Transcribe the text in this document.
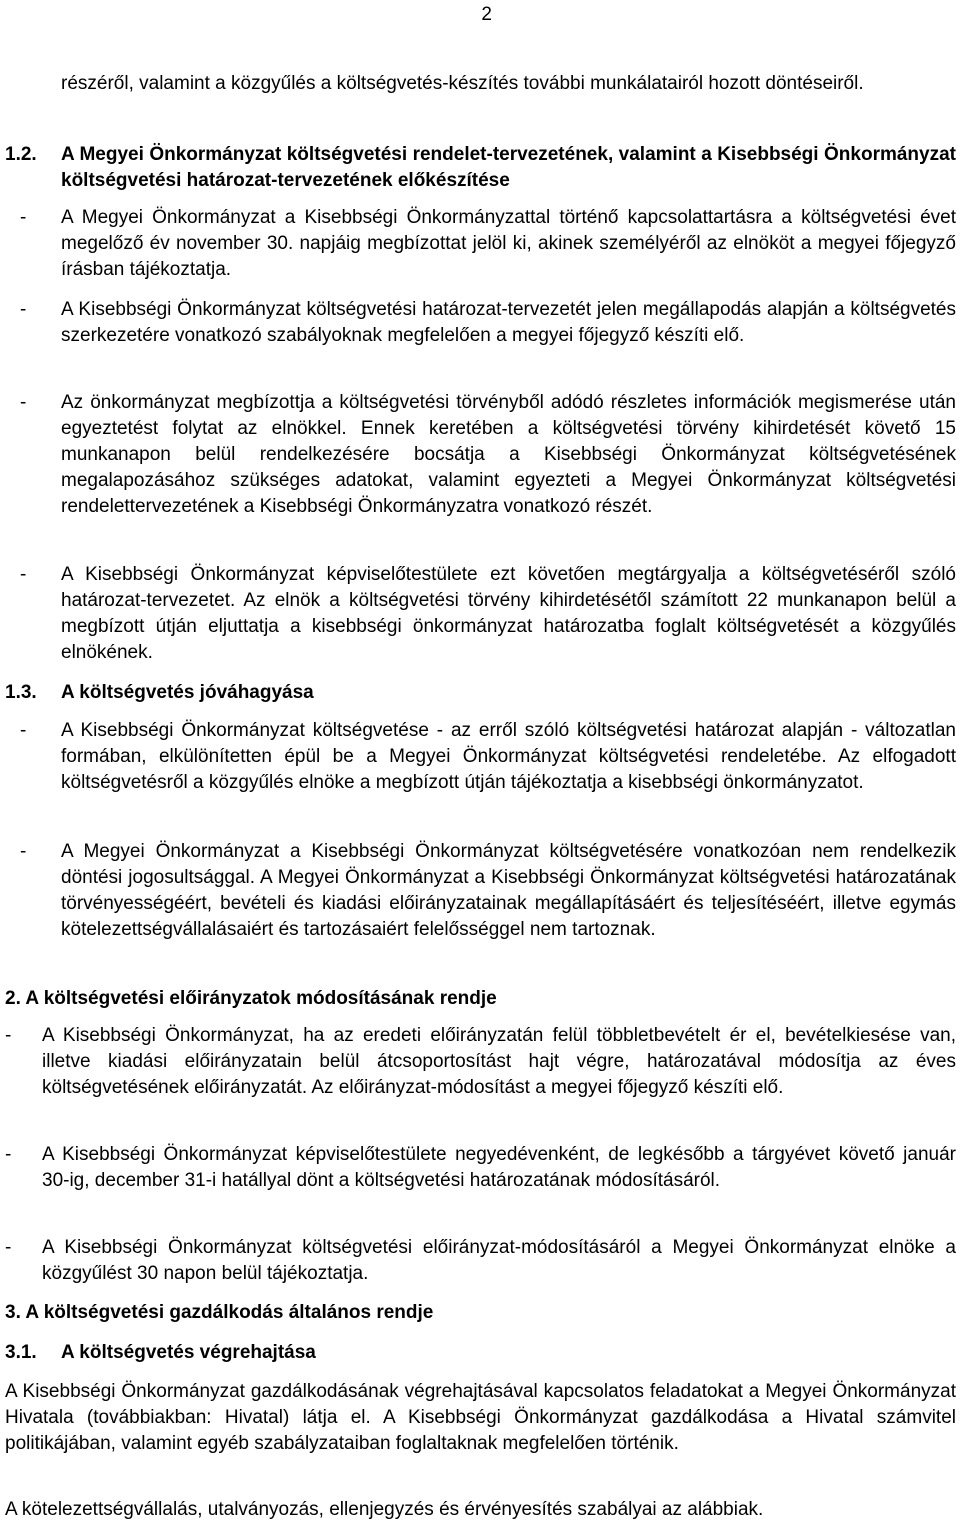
2

részéről, valamint a közgyűlés a költségvetés-készítés további munkálatairól hozott döntéseiről.

1.2. A Megyei Önkormányzat költségvetési rendelet-tervezetének, valamint a Kisebbségi Önkormányzat költségvetési határozat-tervezetének előkészítése

- A Megyei Önkormányzat a Kisebbségi Önkormányzattal történő kapcsolattartásra a költségvetési évet megelőző év november 30. napjáig megbízottat jelöl ki, akinek személyéről az elnököt a megyei főjegyző írásban tájékoztatja.

- A Kisebbségi Önkormányzat költségvetési határozat-tervezetét jelen megállapodás alapján a költségvetés szerkezetére vonatkozó szabályoknak megfelelően a megyei főjegyző készíti elő.

- Az önkormányzat megbízottja a költségvetési törvényből adódó részletes információk megismerése után egyeztetést folytat az elnökkel. Ennek keretében a költségvetési törvény kihirdetését követő 15 munkanapon belül rendelkezésére bocsátja a Kisebbségi Önkormányzat költségvetésének megalapozásához szükséges adatokat, valamint egyezteti a Megyei Önkormányzat költségvetési rendelettervezetének a Kisebbségi Önkormányzatra vonatkozó részét.

- A Kisebbségi Önkormányzat képviselőtestülete ezt követően megtárgyalja a költségvetéséről szóló határozat-tervezetet. Az elnök a költségvetési törvény kihirdetésétől számított 22 munkanapon belül a megbízott útján eljuttatja a kisebbségi önkormányzat határozatba foglalt költségvetését a közgyűlés elnökének.

1.3. A költségvetés jóváhagyása
- A Kisebbségi Önkormányzat költségvetése - az erről szóló költségvetési határozat alapján - változatlan formában, elkülönítetten épül be a Megyei Önkormányzat költségvetési rendeletébe. Az elfogadott költségvetésről a közgyűlés elnöke a megbízott útján tájékoztatja a kisebbségi önkormányzatot.

- A Megyei Önkormányzat a Kisebbségi Önkormányzat költségvetésére vonatkozóan nem rendelkezik döntési jogosultsággal. A Megyei Önkormányzat a Kisebbségi Önkormányzat költségvetési határozatának törvényességéért, bevételi és kiadási előirányzatainak megállapításáért és teljesítéséért, illetve egymás kötelezettségvállalásaiért és tartozásaiért felelősséggel nem tartoznak.

2. A költségvetési előirányzatok módosításának rendje
- A Kisebbségi Önkormányzat, ha az eredeti előirányzatán felül többletbevételt ér el, bevételkiesése van, illetve kiadási előirányzatain belül átcsoportosítást hajt végre, határozatával módosítja az éves költségvetésének előirányzatát. Az előirányzat-módosítást a megyei főjegyző készíti elő.

- A Kisebbségi Önkormányzat képviselőtestülete negyedévenként, de legkésőbb a tárgyévet követő január 30-ig, december 31-i hatállyal dönt a költségvetési határozatának módosításáról.

- A Kisebbségi Önkormányzat költségvetési előirányzat-módosításáról a Megyei Önkormányzat elnöke a közgyűlést 30 napon belül tájékoztatja.

3. A költségvetési gazdálkodás általános rendje
3.1. A költségvetés végrehajtása

A Kisebbségi Önkormányzat gazdálkodásának végrehajtásával kapcsolatos feladatokat a Megyei Önkormányzat Hivatala (továbbiakban: Hivatal) látja el. A Kisebbségi Önkormányzat gazdálkodása a Hivatal számvitel politikájában, valamint egyéb szabályzataiban foglaltaknak megfelelően történik.

A kötelezettségvállalás, utalványozás, ellenjegyzés és érvényesítés szabályai az alábbiak.
